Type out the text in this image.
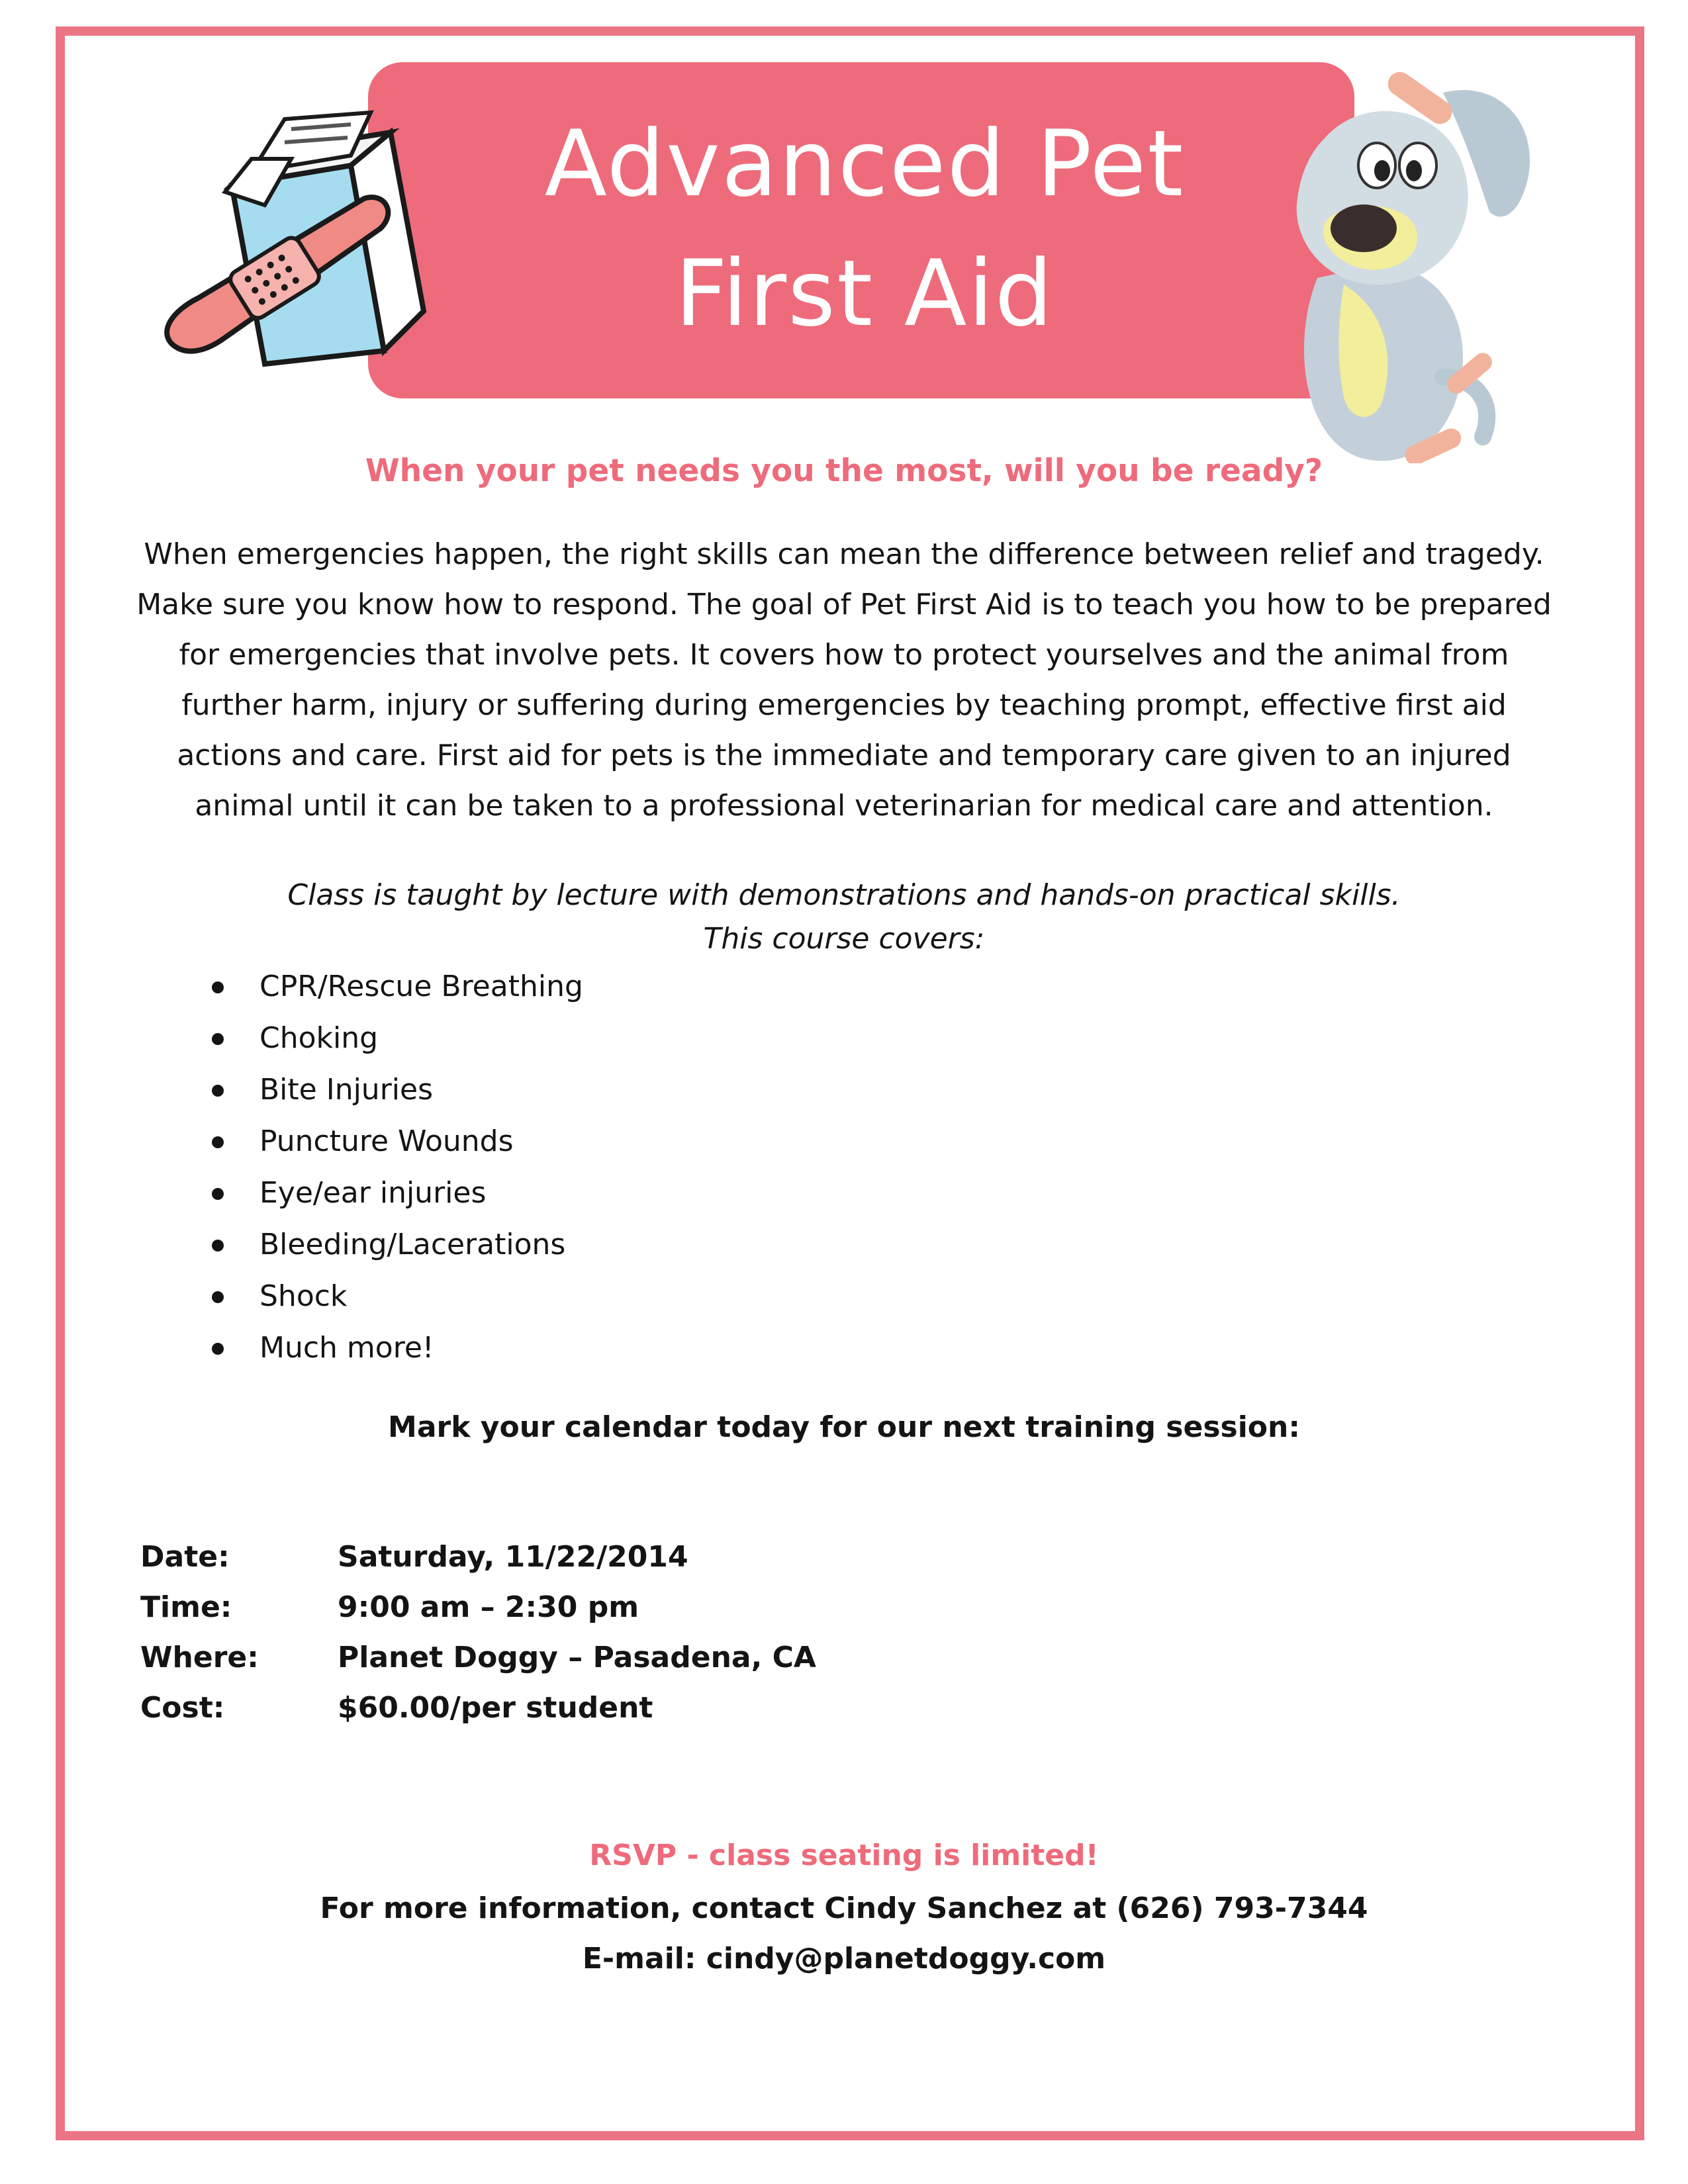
Advanced Pet
First Aid
When your pet needs you the most, will you be ready?
When emergencies happen, the right skills can mean the difference between relief and tragedy. Make sure you know how to respond. The goal of Pet First Aid is to teach you how to be prepared for emergencies that involve pets. It covers how to protect yourselves and the animal from further harm, injury or suffering during emergencies by teaching prompt, effective first aid actions and care. First aid for pets is the immediate and temporary care given to an injured animal until it can be taken to a professional veterinarian for medical care and attention.
Class is taught by lecture with demonstrations and hands-on practical skills.
This course covers:
CPR/Rescue Breathing
Choking
Bite Injuries
Puncture Wounds
Eye/ear injuries
Bleeding/Lacerations
Shock
Much more!
Mark your calendar today for our next training session:
Date:	Saturday, 11/22/2014
Time:	9:00 am – 2:30 pm
Where:	Planet Doggy – Pasadena, CA
Cost:	$60.00/per student
RSVP - class seating is limited!
For more information, contact Cindy Sanchez at (626) 793-7344
E-mail: cindy@planetdoggy.com
